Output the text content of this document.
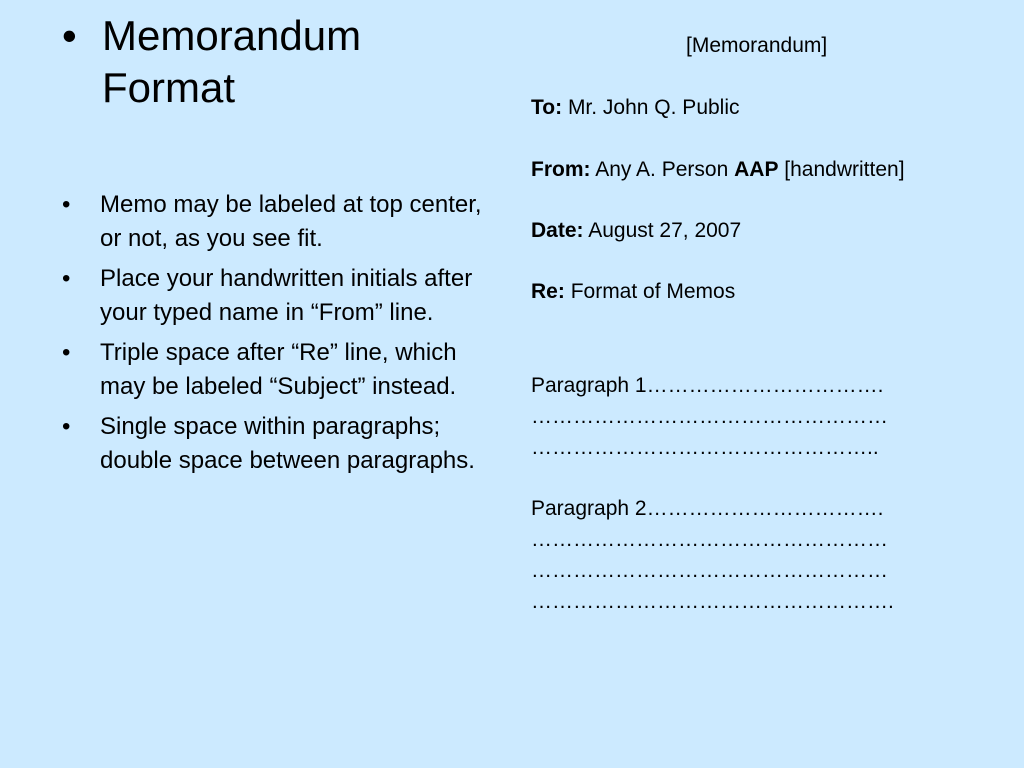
• Memorandum
Format
• Memo may be labeled at top center, or not, as you see fit.
• Place your handwritten initials after your typed name in “From” line.
• Triple space after “Re” line, which may be labeled “Subject” instead.
• Single space within paragraphs; double space between paragraphs.
[Memorandum]
To: Mr. John Q. Public
From: Any A. Person AAP [handwritten]
Date: August 27, 2007
Re: Format of Memos
Paragraph 1…………………………….
……………………………………………
…………………………………………..
Paragraph 2…………………………….
……………………………………………
……………………………………………
…………………………………………….
